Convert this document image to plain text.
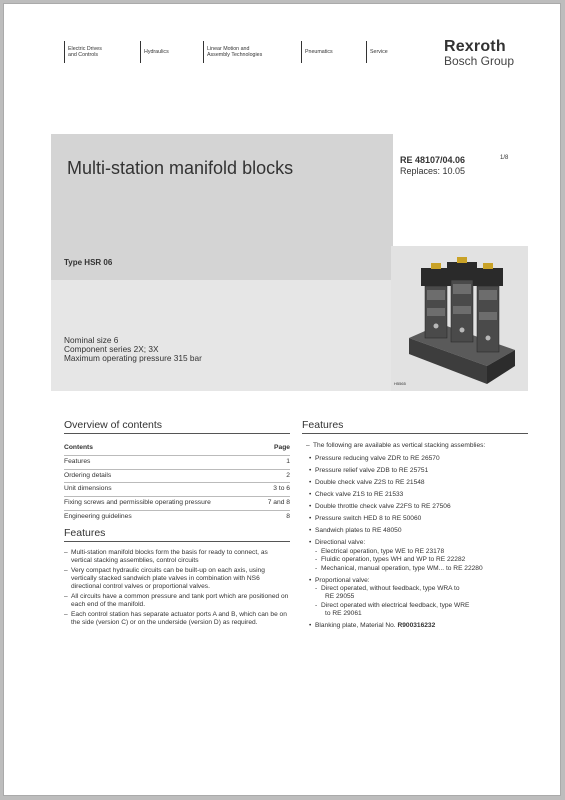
Electric Drives
and Controls
Hydraulics
Linear Motion and
Assembly Technologies
Pneumatics	Service	Rexroth
Bosch Group
Multi-station manifold blocks	RE 48107/04.06
Replaces: 10.05
1/8
Type HSR 06
Nominal size 6
Component series 2X; 3X
Maximum operating pressure 315 bar
H5565
Overview of contents
Contents	Page
Features	1
Ordering details	2
Unit dimensions	3 to 6
Fixing screws and permissible operating pressure	7 and 8
Engineering guidelines	8
Features
– Multi-station manifold blocks form the basis for ready to connect, as vertical stacking assemblies, control circuits
– Very compact hydraulic circuits can be built-up on each axis, using vertically stacked sandwich plate valves in combination with NS6 directional control valves or proportional valves.
– All circuits have a common pressure and tank port which are positioned on each end of the manifold.
– Each control station has separate actuator ports A and B, which can be on the side (version C) or on the underside (version D) as required.
Features
– The following are available as vertical stacking assemblies:
• Pressure reducing valve ZDR to RE 26570
• Pressure relief valve ZDB to RE 25751
• Double check valve Z2S to RE 21548
• Check valve Z1S to RE 21533
• Double throttle check valve Z2FS to RE 27506
• Pressure switch HED 8 to RE 50060
• Sandwich plates to RE 48050
• Directional valve:
- Electrical operation, type WE to RE 23178
- Fluidic operation, types WH and WP to RE 22282
- Mechanical, manual operation, type WM... to RE 22280
• Proportional valve:
- Direct operated, without feedback, type WRA to
RE 29055
- Direct operated with electrical feedback, type WRE
to RE 29061
• Blanking plate, Material No. R900316232
